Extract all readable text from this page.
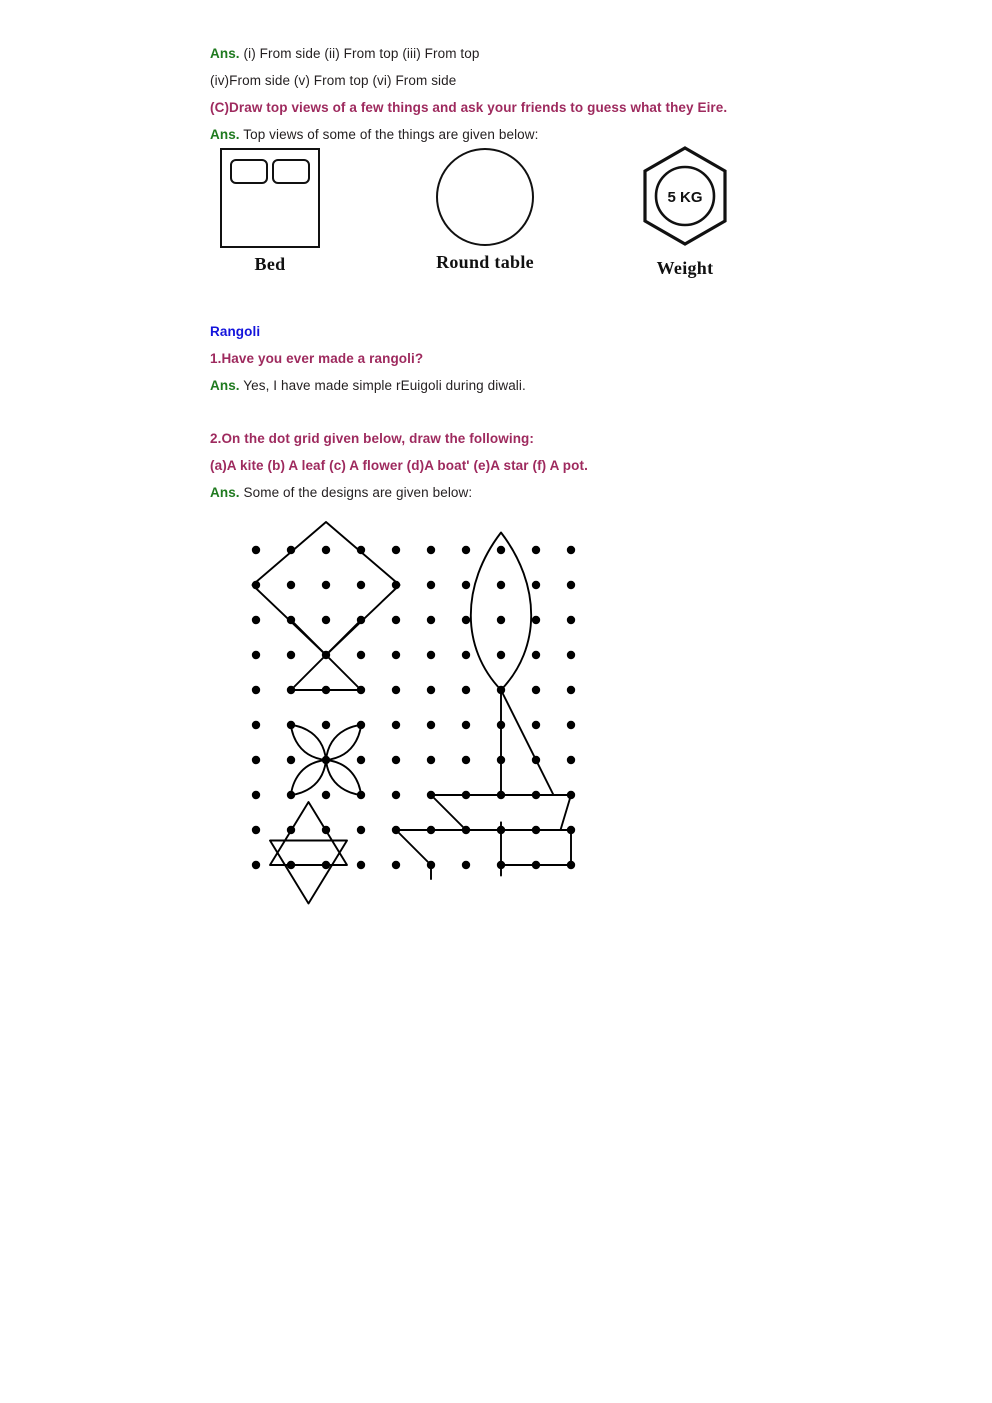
Ans. (i) From side (ii) From top (iii) From top
(iv)From side (v) From top (vi) From side
(C)Draw top views of a few things and ask your friends to guess what they Eire.
Ans. Top views of some of the things are given below:
Bed	Round table
5 KG
Weight
Rangoli
1.Have you ever made a rangoli?
Ans. Yes, I have made simple rEuigoli during diwali.
2.On the dot grid given below, draw the following:
(a)A kite (b) A leaf (c) A flower (d)A boat' (e)A star (f) A pot.
Ans. Some of the designs are given below:
